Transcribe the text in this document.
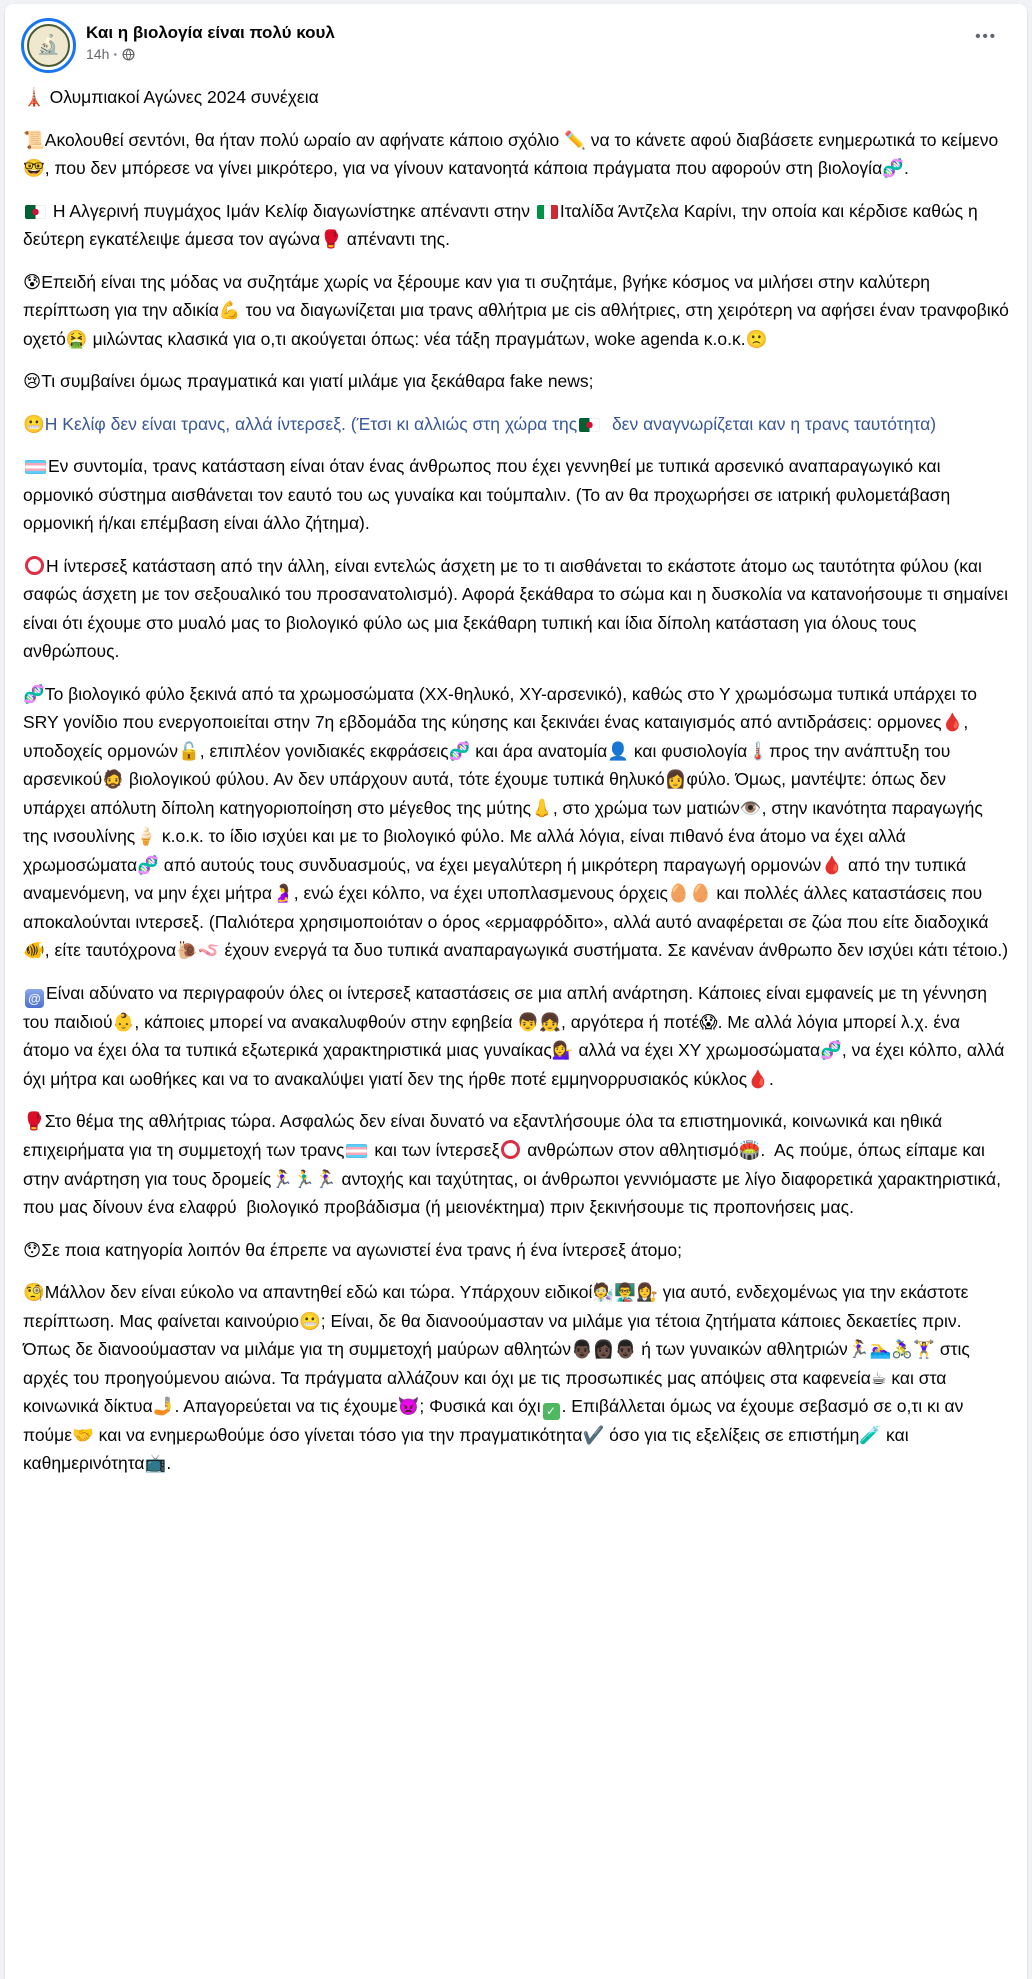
🔬
Και η βιολογία είναι πολύ κουλ
14h ·
•••

🗼 Ολυμπιακοί Αγώνες 2024 συνέχεια

📜Ακολουθεί σεντόνι, θα ήταν πολύ ωραίο αν αφήνατε κάποιο σχόλιο ✏️ να το κάνετε αφού διαβάσετε ενημερωτικά το κείμενο🤓, που δεν μπόρεσε να γίνει μικρότερο, για να γίνουν κατανοητά κάποια πράγματα που αφορούν στη βιολογία🧬.

Η Αλγερινή πυγμάχος Ιμάν Κελίφ διαγωνίστηκε απέναντι στην Ιταλίδα Άντζελα Καρίνι, την οποία και κέρδισε καθώς η δεύτερη εγκατέλειψε άμεσα τον αγώνα🥊 απέναντι της.

😰Επειδή είναι της μόδας να συζητάμε χωρίς να ξέρουμε καν για τι συζητάμε, βγήκε κόσμος να μιλήσει στην καλύτερη περίπτωση για την αδικία💪 του να διαγωνίζεται μια τρανς αθλήτρια με cis αθλήτριες, στη χειρότερη να αφήσει έναν τρανφοβικό οχετό🤮 μιλώντας κλασικά για ο,τι ακούγεται όπως: νέα τάξη πραγμάτων, woke agenda κ.ο.κ.🙁

😢Τι συμβαίνει όμως πραγματικά και γιατί μιλάμε για ξεκάθαρα fake news;

😬Η Κελίφ δεν είναι τρανς, αλλά ίντερσεξ. (Έτσι κι αλλιώς στη χώρα της  δεν αναγνωρίζεται καν η τρανς ταυτότητα)

Εν συντομία, τρανς κατάσταση είναι όταν ένας άνθρωπος που έχει γεννηθεί με τυπικά αρσενικό αναπαραγωγικό και ορμονικό σύστημα αισθάνεται τον εαυτό του ως γυναίκα και τούμπαλιν. (Το αν θα προχωρήσει σε ιατρική φυλομετάβαση ορμονική ή/και επέμβαση είναι άλλο ζήτημα).

Η ίντερσεξ κατάσταση από την άλλη, είναι εντελώς άσχετη με το τι αισθάνεται το εκάστοτε άτομο ως ταυτότητα φύλου (και σαφώς άσχετη με τον σεξουαλικό του προσανατολισμό). Αφορά ξεκάθαρα το σώμα και η δυσκολία να κατανοήσουμε τι σημαίνει είναι ότι έχουμε στο μυαλό μας το βιολογικό φύλο ως μια ξεκάθαρη τυπική και ίδια δίπολη κατάσταση για όλους τους ανθρώπους.

🧬Το βιολογικό φύλο ξεκινά από τα χρωμοσώματα (ΧΧ-θηλυκό, ΧΥ-αρσενικό), καθώς στο Υ χρωμόσωμα τυπικά υπάρχει το SRY γονίδιο που ενεργοποιείται στην 7η εβδομάδα της κύησης και ξεκινάει ένας καταιγισμός από αντιδράσεις: ορμονες🩸, υποδοχείς ορμονών🔓, επιπλέον γονιδιακές εκφράσεις🧬 και άρα ανατομία👤 και φυσιολογία🌡️προς την ανάπτυξη του αρσενικού🧔 βιολογικού φύλου. Αν δεν υπάρχουν αυτά, τότε έχουμε τυπικά θηλυκό👩φύλο. Όμως, μαντέψτε: όπως δεν υπάρχει απόλυτη δίπολη κατηγοριοποίηση στο μέγεθος της μύτης👃, στο χρώμα των ματιών👁️, στην ικανότητα παραγωγής της ινσουλίνης🍦 κ.ο.κ. το ίδιο ισχύει και με το βιολογικό φύλο. Με αλλά λόγια, είναι πιθανό ένα άτομο να έχει αλλά χρωμοσώματα🧬 από αυτούς τους συνδυασμούς, να έχει μεγαλύτερη ή μικρότερη παραγωγή ορμονών🩸 από την τυπικά αναμενόμενη, να μην έχει μήτρα🤰, ενώ έχει κόλπο, να έχει υποπλασμενους όρχεις🥚🥚 και πολλές άλλες καταστάσεις που αποκαλούνται ιντερσεξ. (Παλιότερα χρησιμοποιόταν ο όρος «ερμαφρόδιτο», αλλά αυτό αναφέρεται σε ζώα που είτε διαδοχικά🐠, είτε ταυτόχρονα🐌🪱 έχουν ενεργά τα δυο τυπικά αναπαραγωγικά συστήματα. Σε κανέναν άνθρωπο δεν ισχύει κάτι τέτοιο.)

@ Είναι αδύνατο να περιγραφούν όλες οι ίντερσεξ καταστάσεις σε μια απλή ανάρτηση. Κάποιες είναι εμφανείς με τη γέννηση του παιδιού👶, κάποιες μπορεί να ανακαλυφθούν στην εφηβεία 👦👧, αργότερα ή ποτέ😱. Με αλλά λόγια μπορεί λ.χ. ένα άτομο να έχει όλα τα τυπικά εξωτερικά χαρακτηριστικά μιας γυναίκας💁‍♀️ αλλά να έχει ΧΥ χρωμοσώματα🧬, να έχει κόλπο, αλλά όχι μήτρα και ωοθήκες και να το ανακαλύψει γιατί δεν της ήρθε ποτέ εμμηνορρυσιακός κύκλος🩸.

🥊Στο θέμα της αθλήτριας τώρα. Ασφαλώς δεν είναι δυνατό να εξαντλήσουμε όλα τα επιστημονικά, κοινωνικά και ηθικά επιχειρήματα για τη συμμετοχή των τρανς και των ίντερσεξ ανθρώπων στον αθλητισμό🏟️.  Ας πούμε, όπως είπαμε και στην ανάρτηση για τους δρομείς🏃‍♀️🏃‍♂️🏃‍♀️ αντοχής και ταχύτητας, οι άνθρωποι γεννιόμαστε με λίγο διαφορετικά χαρακτηριστικά, που μας δίνουν ένα ελαφρύ  βιολογικό προβάδισμα (ή μειονέκτημα) πριν ξεκινήσουμε τις προπονήσεις μας.

😯Σε ποια κατηγορία λοιπόν θα έπρεπε να αγωνιστεί ένα τρανς ή ένα ίντερσεξ άτομο;

🧐Μάλλον δεν είναι εύκολο να απαντηθεί εδώ και τώρα. Υπάρχουν ειδικοί🧑‍🔬👨‍🏫👩‍⚖️ για αυτό, ενδεχομένως για την εκάστοτε περίπτωση. Μας φαίνεται καινούριο😬; Είναι, δε θα διανοούμασταν να μιλάμε για τέτοια ζητήματα κάποιες δεκαετίες πριν. Όπως δε διανοούμασταν να μιλάμε για τη συμμετοχή μαύρων αθλητών👨🏿👩🏿👨🏿 ή των γυναικών αθλητριών🏃‍♀️🏊‍♀️🚴‍♀️🏋️‍♀️ στις αρχές του προηγούμενου αιώνα. Τα πράγματα αλλάζουν και όχι με τις προσωπικές μας απόψεις στα καφενεία☕ και στα κοινωνικά δίκτυα🤳. Απαγορεύεται να τις έχουμε👿; Φυσικά και όχι ✓ . Επιβάλλεται όμως να έχουμε σεβασμό σε ο,τι κι αν πούμε🤝 και να ενημερωθούμε όσο γίνεται τόσο για την πραγματικότητα✔️ όσο για τις εξελίξεις σε επιστήμη🧪 και καθημερινότητα📺.
